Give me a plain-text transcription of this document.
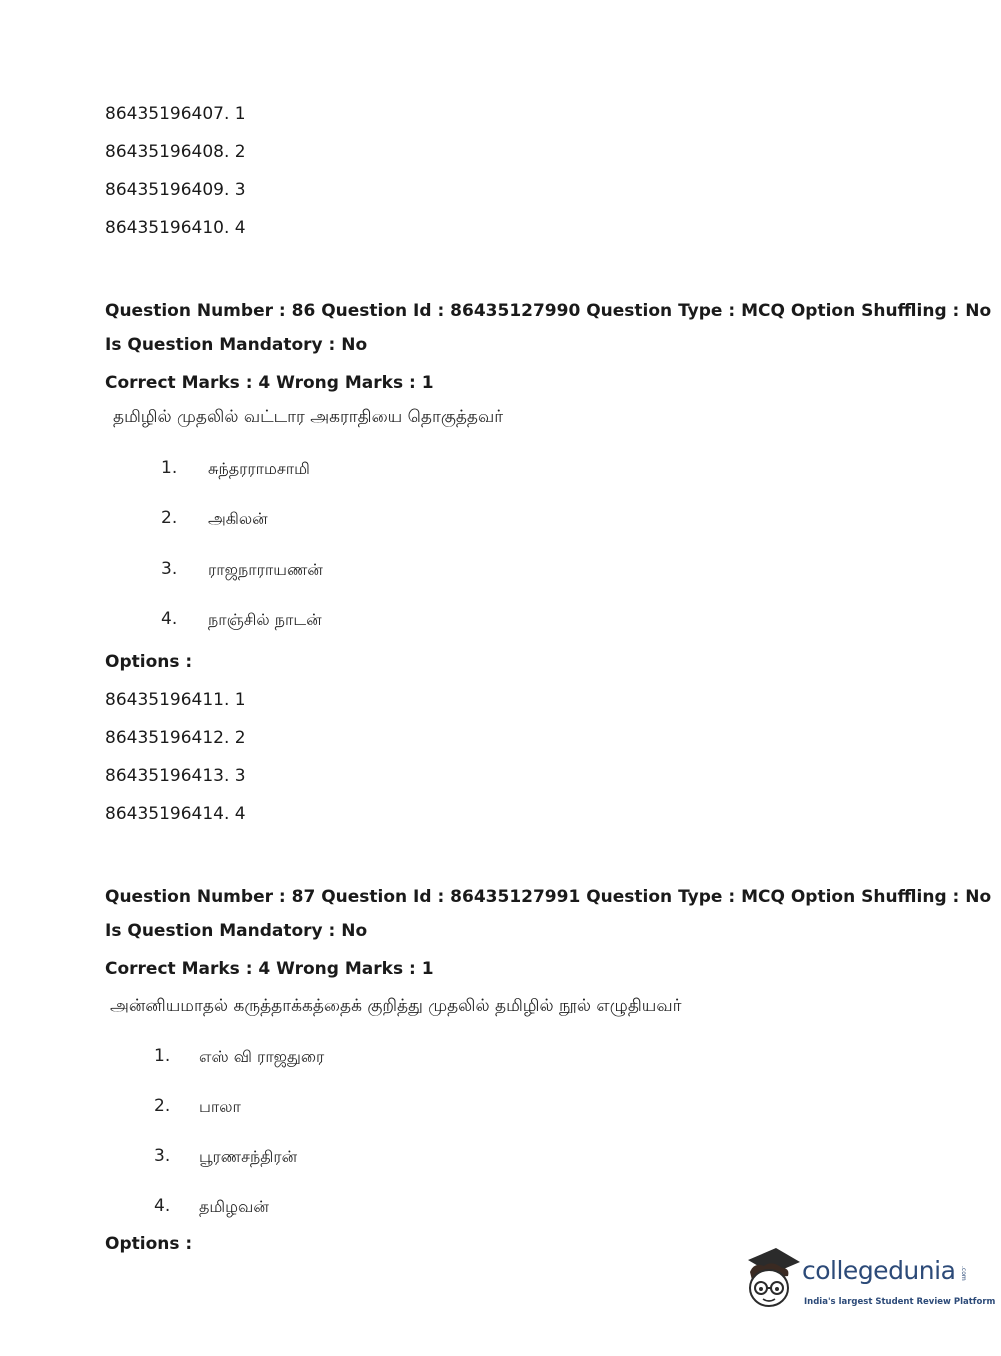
86435196407. 1
86435196408. 2
86435196409. 3
86435196410. 4
Question Number : 86 Question Id : 86435127990 Question Type : MCQ Option Shuffling : No
Is Question Mandatory : No
Correct Marks : 4 Wrong Marks : 1
தமிழில் முதலில் வட்டார அகராதியை தொகுத்தவர்
1. சுந்தரராமசாமி
2. அகிலன்
3. ராஜநாராயணன்
4. நாஞ்சில் நாடன்
Options :
86435196411. 1
86435196412. 2
86435196413. 3
86435196414. 4
Question Number : 87 Question Id : 86435127991 Question Type : MCQ Option Shuffling : No
Is Question Mandatory : No
Correct Marks : 4 Wrong Marks : 1
அன்னியமாதல் கருத்தாக்கத்தைக் குறித்து முதலில் தமிழில் நூல் எழுதியவர்
1. எஸ் வி ராஜதுரை
2. பாலா
3. பூரணசந்திரன்
4. தமிழவன்
Options :
collegedunia .com
India's largest Student Review Platform
